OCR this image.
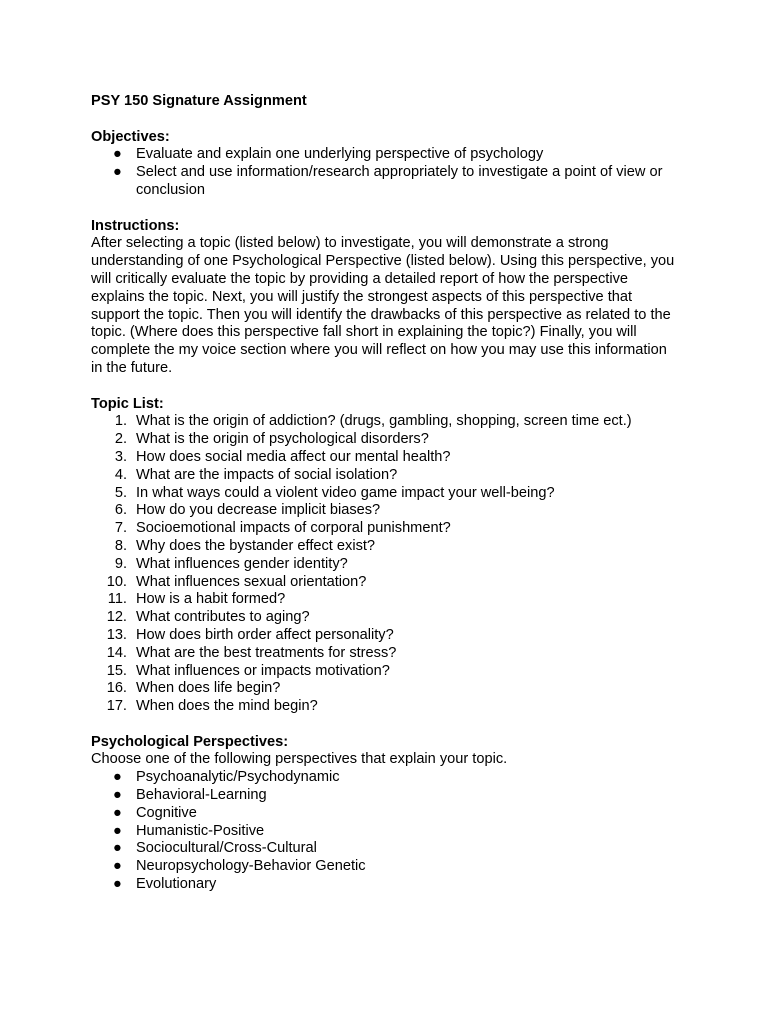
PSY 150 Signature Assignment

Objectives:

● Evaluate and explain one underlying perspective of psychology
● Select and use information/research appropriately to investigate a point of view or conclusion

Instructions:

After selecting a topic (listed below) to investigate, you will demonstrate a strong understanding of one Psychological Perspective (listed below). Using this perspective, you will critically evaluate the topic by providing a detailed report of how the perspective explains the topic. Next, you will justify the strongest aspects of this perspective that support the topic. Then you will identify the drawbacks of this perspective as related to the topic. (Where does this perspective fall short in explaining the topic?) Finally, you will complete the my voice section where you will reflect on how you may use this information in the future.

Topic List:

1. What is the origin of addiction? (drugs, gambling, shopping, screen time ect.)
2. What is the origin of psychological disorders?
3. How does social media affect our mental health?
4. What are the impacts of social isolation?
5. In what ways could a violent video game impact your well-being?
6. How do you decrease implicit biases?
7. Socioemotional impacts of corporal punishment?
8. Why does the bystander effect exist?
9. What influences gender identity?
10. What influences sexual orientation?
11. How is a habit formed?
12. What contributes to aging?
13. How does birth order affect personality?
14. What are the best treatments for stress?
15. What influences or impacts motivation?
16. When does life begin?
17. When does the mind begin?

Psychological Perspectives:

Choose one of the following perspectives that explain your topic.

● Psychoanalytic/Psychodynamic
● Behavioral-Learning
● Cognitive
● Humanistic-Positive
● Sociocultural/Cross-Cultural
● Neuropsychology-Behavior Genetic
● Evolutionary
